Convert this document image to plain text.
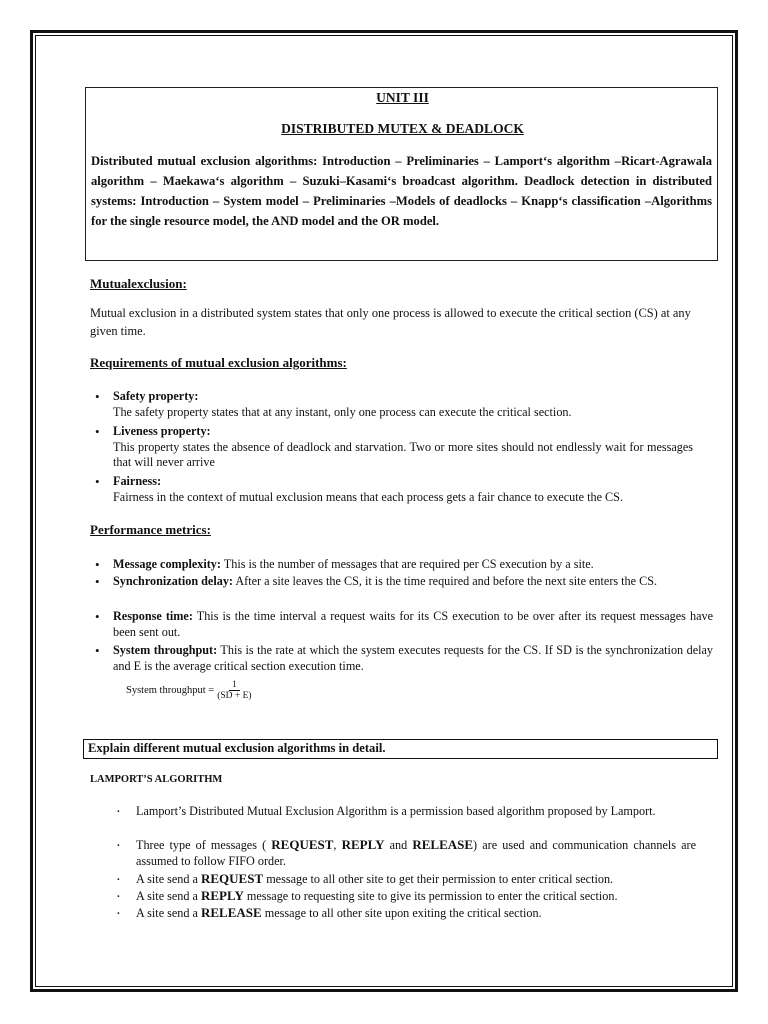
UNIT III
DISTRIBUTED MUTEX & DEADLOCK
Distributed mutual exclusion algorithms: Introduction – Preliminaries – Lamport‘s algorithm –Ricart-Agrawala algorithm – Maekawa‘s algorithm – Suzuki–Kasami‘s broadcast algorithm. Deadlock detection in distributed systems: Introduction – System model – Preliminaries –Models of deadlocks – Knapp‘s classification –Algorithms for the single resource model, the AND model and the OR model.
Mutualexclusion:
Mutual exclusion in a distributed system states that only one process is allowed to execute the critical section (CS) at any given time.
Requirements of mutual exclusion algorithms:
• Safety property:
The safety property states that at any instant, only one process can execute the critical section.
• Liveness property:
This property states the absence of deadlock and starvation. Two or more sites should not endlessly wait for messages that will never arrive
• Fairness:
Fairness in the context of mutual exclusion means that each process gets a fair chance to execute the CS.
Performance metrics:
• Message complexity: This is the number of messages that are required per CS execution by a site.
• Synchronization delay: After a site leaves the CS, it is the time required and before the next site enters the CS.
• Response time: This is the time interval a request waits for its CS execution to be over after its request messages have been sent out.
• System throughput: This is the rate at which the system executes requests for the CS. If SD is the synchronization delay and E is the average critical section execution time.
System throughput = $\frac{1}{(SD + E)}$
Explain different mutual exclusion algorithms in detail.
LAMPORT’S ALGORITHM
. Lamport’s Distributed Mutual Exclusion Algorithm is a permission based algorithm proposed by Lamport.
. Three type of messages ( REQUEST, REPLY and RELEASE) are used and communication channels are assumed to follow FIFO order.
. A site send a REQUEST message to all other site to get their permission to enter critical section.
. A site send a REPLY message to requesting site to give its permission to enter the critical section.
. A site send a RELEASE message to all other site upon exiting the critical section.
